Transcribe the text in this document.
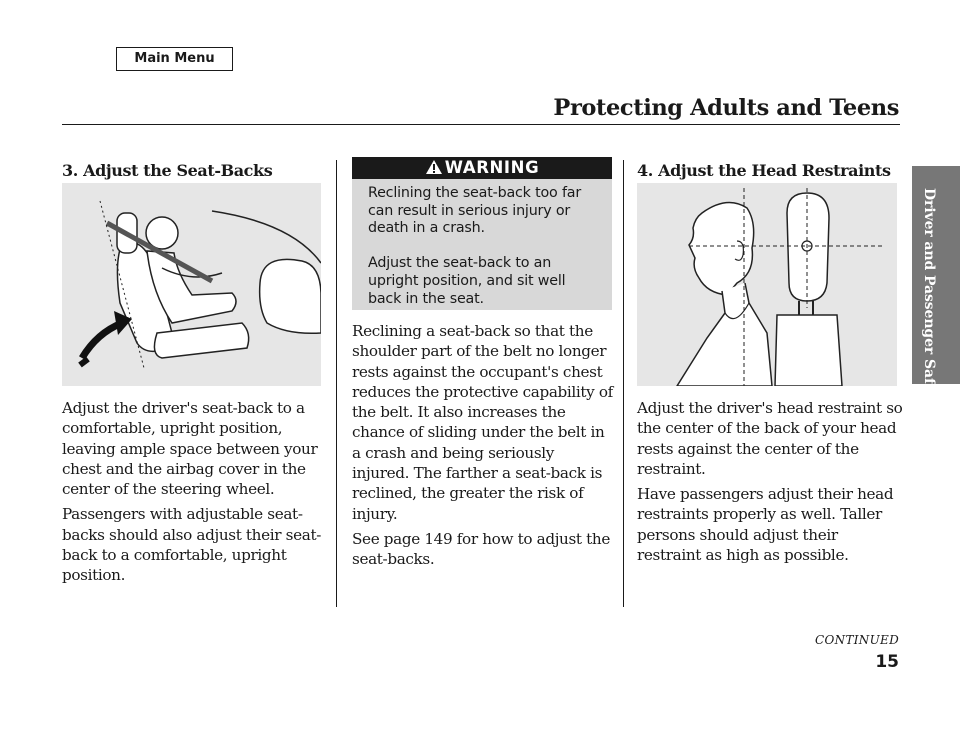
Main Menu
Protecting Adults and Teens
Driver and Passenger Safety
3. Adjust the Seat-Backs

Adjust the driver's seat-back to a comfortable, upright position, leaving ample space between your chest and the airbag cover in the center of the steering wheel.

Passengers with adjustable seat-backs should also adjust their seat-back to a comfortable, upright position.

WARNING

Reclining the seat-back too far can result in serious injury or death in a crash.

Adjust the seat-back to an upright position, and sit well back in the seat.

Reclining a seat-back so that the shoulder part of the belt no longer rests against the occupant's chest reduces the protective capability of the belt. It also increases the chance of sliding under the belt in a crash and being seriously injured. The farther a seat-back is reclined, the greater the risk of injury.

See page 149 for how to adjust the seat-backs.

4. Adjust the Head Restraints

Adjust the driver's head restraint so the center of the back of your head rests against the center of the restraint.

Have passengers adjust their head restraints properly as well. Taller persons should adjust their restraint as high as possible.

CONTINUED
15
